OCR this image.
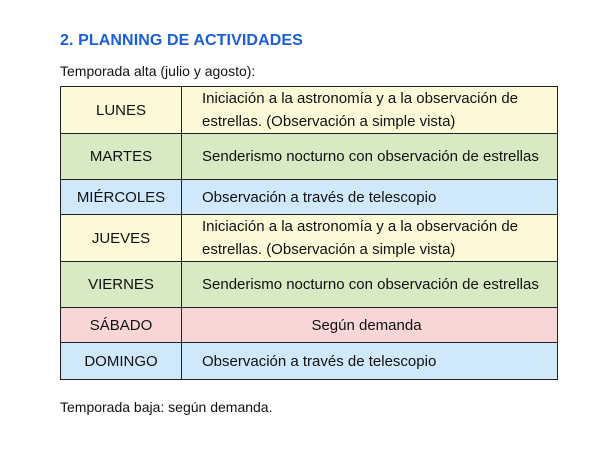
2. PLANNING DE ACTIVIDADES

Temporada alta (julio y agosto):

LUNES	Iniciación a la astronomía y a la observación de estrellas. (Observación a simple vista)
MARTES	Senderismo nocturno con observación de estrellas
MIÉRCOLES	Observación a través de telescopio
JUEVES	Iniciación a la astronomía y a la observación de estrellas. (Observación a simple vista)
VIERNES	Senderismo nocturno con observación de estrellas
SÁBADO	Según demanda
DOMINGO	Observación a través de telescopio

Temporada baja: según demanda.
